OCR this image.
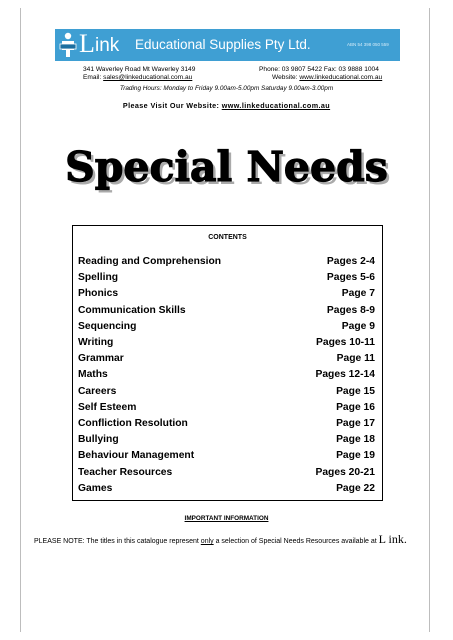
L ink Educational Supplies Pty Ltd.	ABN 54 398 050 559
341 Waverley Road Mt Waverley 3149	Phone: 03 9807 5422 Fax: 03 9888 1004
Email: sales@linkeducational.com.au	Website: www.linkeducational.com.au
Trading Hours: Monday to Friday 9.00am-5.00pm Saturday 9.00am-3.00pm
Please Visit Our Website: www.linkeducational.com.au
Special Needs
CONTENTS
Reading and Comprehension	Pages 2-4
Spelling	Pages 5-6
Phonics	Page 7
Communication Skills	Pages 8-9
Sequencing	Page 9
Writing	Pages 10-11
Grammar	Page 11
Maths	Pages 12-14
Careers	Page 15
Self Esteem	Page 16
Confliction Resolution	Page 17
Bullying	Page 18
Behaviour Management	Page 19
Teacher Resources	Pages 20-21
Games	Page 22
IMPORTANT INFORMATION
PLEASE NOTE: The titles in this catalogue represent only a selection of Special Needs Resources available at L ink.
